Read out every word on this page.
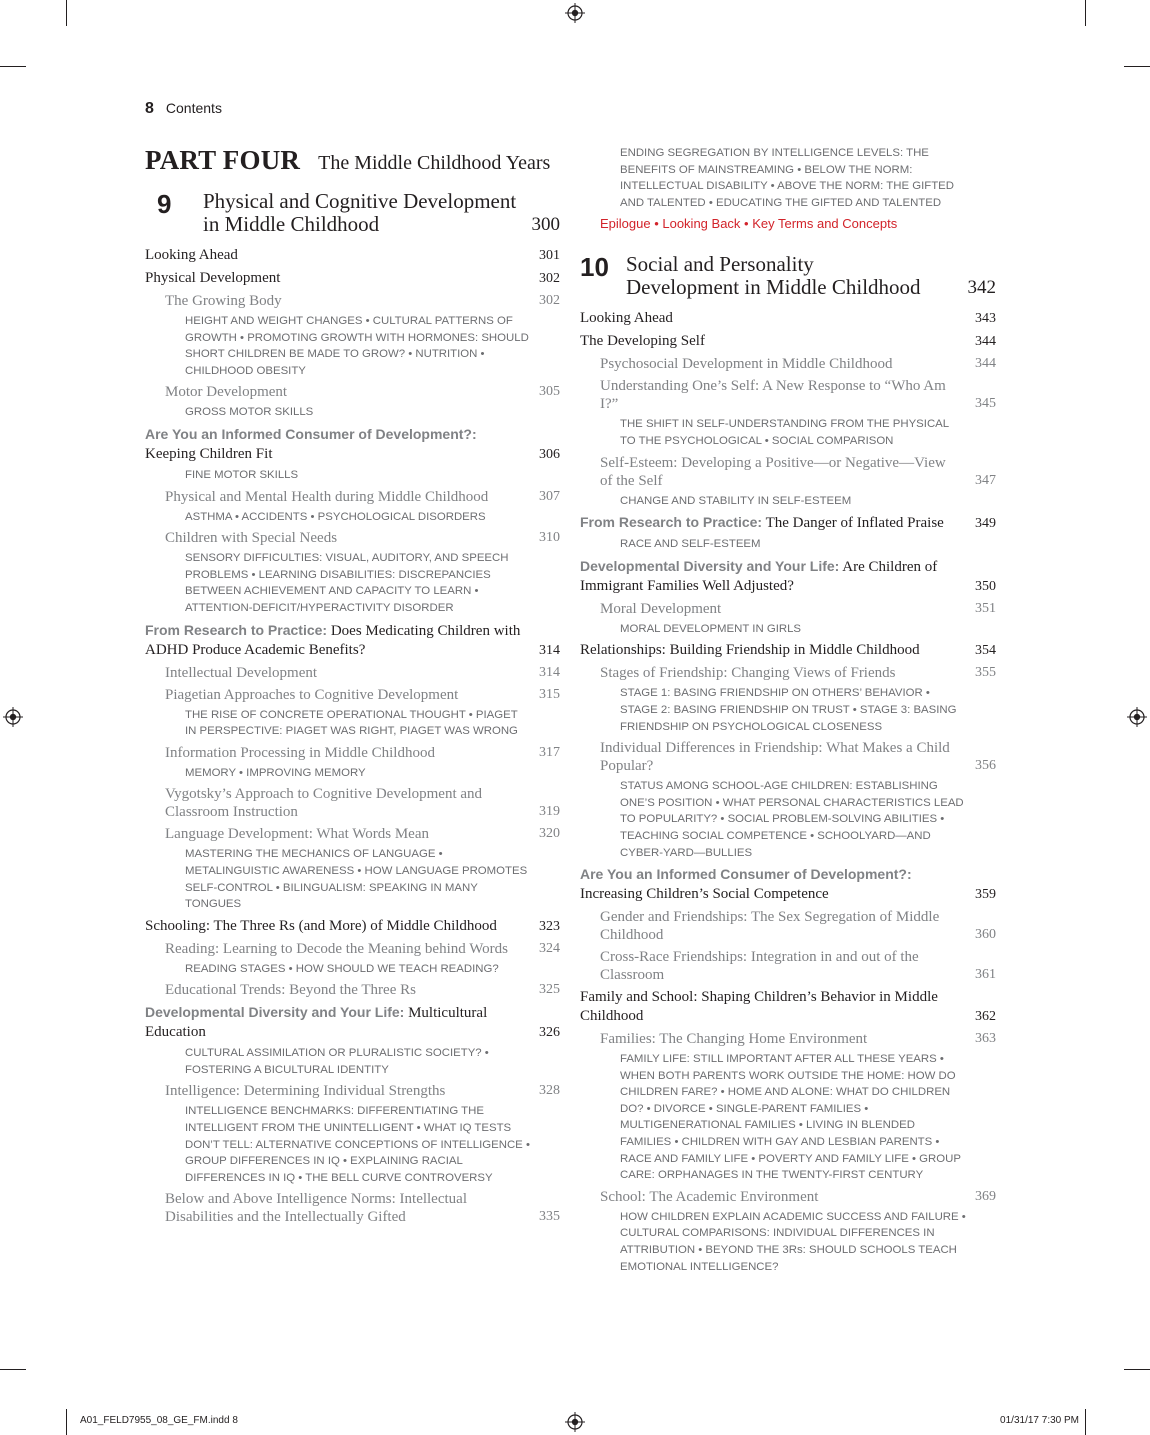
8 Contents
PART FOUR The Middle Childhood Years
9	Physical and Cognitive Development
in Middle Childhood	300
Looking Ahead	301
Physical Development	302
The Growing Body	302
HEIGHT AND WEIGHT CHANGES • CULTURAL PATTERNS OF GROWTH • PROMOTING GROWTH WITH HORMONES: SHOULD SHORT CHILDREN BE MADE TO GROW? • NUTRITION • CHILDHOOD OBESITY
Motor Development	305
GROSS MOTOR SKILLS
Are You an Informed Consumer of Development?: Keeping Children Fit	306
FINE MOTOR SKILLS
Physical and Mental Health during Middle Childhood	307
ASTHMA • ACCIDENTS • PSYCHOLOGICAL DISORDERS
Children with Special Needs	310
SENSORY DIFFICULTIES: VISUAL, AUDITORY, AND SPEECH PROBLEMS • LEARNING DISABILITIES: DISCREPANCIES BETWEEN ACHIEVEMENT AND CAPACITY TO LEARN • ATTENTION-DEFICIT/HYPERACTIVITY DISORDER
From Research to Practice: Does Medicating Children with ADHD Produce Academic Benefits?	314
Intellectual Development	314
Piagetian Approaches to Cognitive Development	315
THE RISE OF CONCRETE OPERATIONAL THOUGHT • PIAGET IN PERSPECTIVE: PIAGET WAS RIGHT, PIAGET WAS WRONG
Information Processing in Middle Childhood	317
MEMORY • IMPROVING MEMORY
Vygotsky’s Approach to Cognitive Development and Classroom Instruction	319
Language Development: What Words Mean	320
MASTERING THE MECHANICS OF LANGUAGE • METALINGUISTIC AWARENESS • HOW LANGUAGE PROMOTES SELF-CONTROL • BILINGUALISM: SPEAKING IN MANY TONGUES
Schooling: The Three Rs (and More) of Middle Childhood	323
Reading: Learning to Decode the Meaning behind Words	324
READING STAGES • HOW SHOULD WE TEACH READING?
Educational Trends: Beyond the Three Rs	325
Developmental Diversity and Your Life: Multicultural Education	326
CULTURAL ASSIMILATION OR PLURALISTIC SOCIETY? • FOSTERING A BICULTURAL IDENTITY
Intelligence: Determining Individual Strengths	328
INTELLIGENCE BENCHMARKS: DIFFERENTIATING THE INTELLIGENT FROM THE UNINTELLIGENT • WHAT IQ TESTS DON’T TELL: ALTERNATIVE CONCEPTIONS OF INTELLIGENCE • GROUP DIFFERENCES IN IQ • EXPLAINING RACIAL DIFFERENCES IN IQ • THE BELL CURVE CONTROVERSY
Below and Above Intelligence Norms: Intellectual Disabilities and the Intellectually Gifted	335
ENDING SEGREGATION BY INTELLIGENCE LEVELS: THE BENEFITS OF MAINSTREAMING • BELOW THE NORM: INTELLECTUAL DISABILITY • ABOVE THE NORM: THE GIFTED AND TALENTED • EDUCATING THE GIFTED AND TALENTED
Epilogue • Looking Back • Key Terms and Concepts
10 Social and Personality
Development in Middle Childhood	342
Looking Ahead	343
The Developing Self	344
Psychosocial Development in Middle Childhood	344
Understanding One’s Self: A New Response to “Who Am I?”	345
THE SHIFT IN SELF-UNDERSTANDING FROM THE PHYSICAL TO THE PSYCHOLOGICAL • SOCIAL COMPARISON
Self-Esteem: Developing a Positive—or Negative—View of the Self	347
CHANGE AND STABILITY IN SELF-ESTEEM
From Research to Practice: The Danger of Inflated Praise	349
RACE AND SELF-ESTEEM
Developmental Diversity and Your Life: Are Children of Immigrant Families Well Adjusted?	350
Moral Development	351
MORAL DEVELOPMENT IN GIRLS
Relationships: Building Friendship in Middle Childhood	354
Stages of Friendship: Changing Views of Friends	355
STAGE 1: BASING FRIENDSHIP ON OTHERS’ BEHAVIOR • STAGE 2: BASING FRIENDSHIP ON TRUST • STAGE 3: BASING FRIENDSHIP ON PSYCHOLOGICAL CLOSENESS
Individual Differences in Friendship: What Makes a Child Popular?	356
STATUS AMONG SCHOOL-AGE CHILDREN: ESTABLISHING ONE’S POSITION • WHAT PERSONAL CHARACTERISTICS LEAD TO POPULARITY? • SOCIAL PROBLEM-SOLVING ABILITIES • TEACHING SOCIAL COMPETENCE • SCHOOLYARD—AND CYBER-YARD—BULLIES
Are You an Informed Consumer of Development?: Increasing Children’s Social Competence	359
Gender and Friendships: The Sex Segregation of Middle Childhood	360
Cross-Race Friendships: Integration in and out of the Classroom	361
Family and School: Shaping Children’s Behavior in Middle Childhood	362
Families: The Changing Home Environment	363
FAMILY LIFE: STILL IMPORTANT AFTER ALL THESE YEARS • WHEN BOTH PARENTS WORK OUTSIDE THE HOME: HOW DO CHILDREN FARE? • HOME AND ALONE: WHAT DO CHILDREN DO? • DIVORCE • SINGLE-PARENT FAMILIES • MULTIGENERATIONAL FAMILIES • LIVING IN BLENDED FAMILIES • CHILDREN WITH GAY AND LESBIAN PARENTS • RACE AND FAMILY LIFE • POVERTY AND FAMILY LIFE • GROUP CARE: ORPHANAGES IN THE TWENTY-FIRST CENTURY
School: The Academic Environment	369
HOW CHILDREN EXPLAIN ACADEMIC SUCCESS AND FAILURE • CULTURAL COMPARISONS: INDIVIDUAL DIFFERENCES IN ATTRIBUTION • BEYOND THE 3Rs: SHOULD SCHOOLS TEACH EMOTIONAL INTELLIGENCE?
A01_FELD7955_08_GE_FM.indd 8	01/31/17 7:30 PM
